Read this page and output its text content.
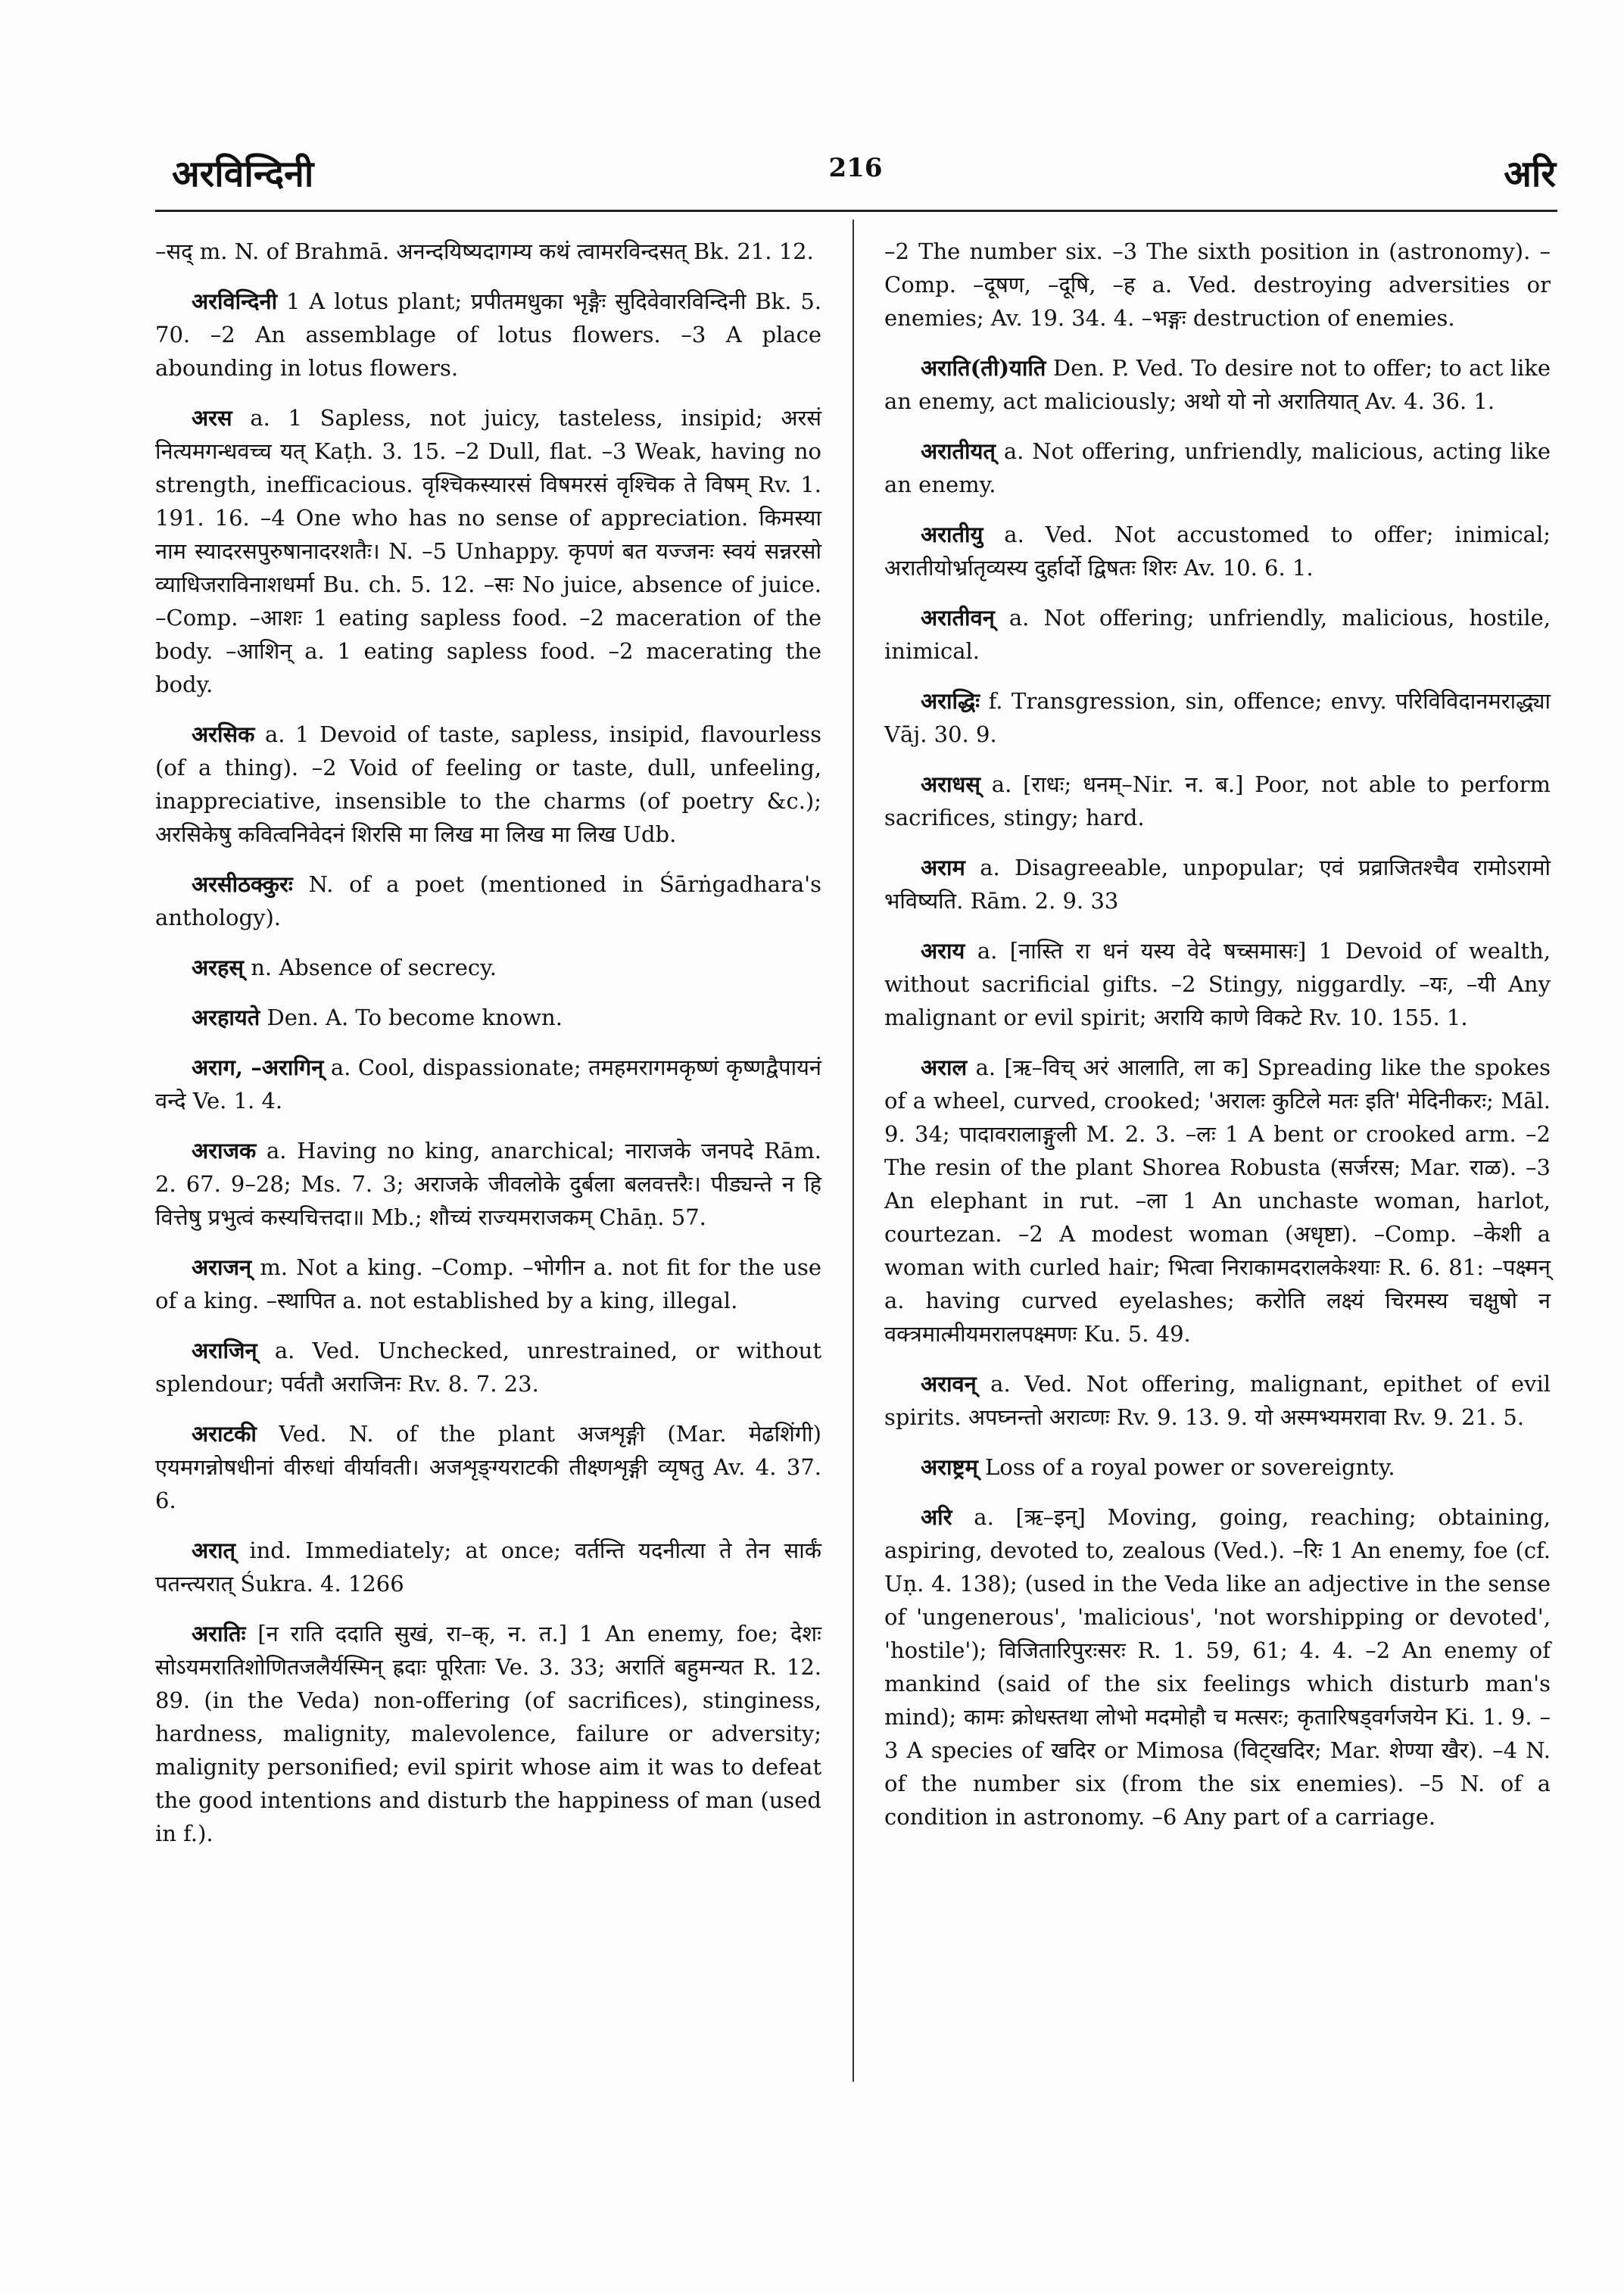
अरविन्दिनी	216	अरि

–सद् m. N. of Brahmā. अनन्दयिष्यदागम्य कथं त्वामरविन्दसत् Bk. 21. 12.

अरविन्दिनी 1 A lotus plant; प्रपीतमधुका भृङ्गैः सुदिवेवारविन्दिनी Bk. 5. 70. –2 An assemblage of lotus flowers. –3 A place abounding in lotus flowers.

अरस a. 1 Sapless, not juicy, tasteless, insipid; अरसं नित्यमगन्धवच्च यत् Kaṭh. 3. 15. –2 Dull, flat. –3 Weak, having no strength, inefficacious. वृश्चिकस्यारसं विषमरसं वृश्चिक ते विषम् Rv. 1. 191. 16. –4 One who has no sense of appreciation. किमस्या नाम स्यादरसपुरुषानादरशतैः। N. –5 Unhappy. कृपणं बत यज्जनः स्वयं सन्नरसो व्याधिजराविनाशधर्मा Bu. ch. 5. 12. –सः No juice, absence of juice. –Comp. –आशः 1 eating sapless food. –2 maceration of the body. –आशिन् a. 1 eating sapless food. –2 macerating the body.

अरसिक a. 1 Devoid of taste, sapless, insipid, flavourless (of a thing). –2 Void of feeling or taste, dull, unfeeling, inappreciative, insensible to the charms (of poetry &c.); अरसिकेषु कवित्वनिवेदनं शिरसि मा लिख मा लिख मा लिख Udb.

अरसीठक्कुरः N. of a poet (mentioned in Śārṅgadhara's anthology).

अरहस् n. Absence of secrecy.

अरहायते Den. A. To become known.

अराग, –अरागिन् a. Cool, dispassionate; तमहमरागमकृष्णं कृष्णद्वैपायनं वन्दे Ve. 1. 4.

अराजक a. Having no king, anarchical; नाराजके जनपदे Rām. 2. 67. 9–28; Ms. 7. 3; अराजके जीवलोके दुर्बला बलवत्तरैः। पीड्यन्ते न हि वित्तेषु प्रभुत्वं कस्यचित्तदा॥ Mb.; शौच्यं राज्यमराजकम् Chāṇ. 57.

अराजन् m. Not a king. –Comp. –भोगीन a. not fit for the use of a king. –स्थापित a. not established by a king, illegal.

अराजिन् a. Ved. Unchecked, unrestrained, or without splendour; पर्वतौ अराजिनः Rv. 8. 7. 23.

अराटकी Ved. N. of the plant अजशृङ्गी (Mar. मेढशिंगी) एयमगन्नोषधीनां वीरुधां वीर्यावती। अजशृङ्ग्यराटकी तीक्ष्णशृङ्गी व्यृषतु Av. 4. 37. 6.

अरात् ind. Immediately; at once; वर्तन्ति यदनीत्या ते तेन सार्कं पतन्त्यरात् Śukra. 4. 1266

अरातिः [न राति ददाति सुखं, रा–क्, न. त.] 1 An enemy, foe; देशः सोऽयमरातिशोणितजलैर्यस्मिन् ह्रदाः पूरिताः Ve. 3. 33; अरातिं बहुमन्यत R. 12. 89. (in the Veda) non-offering (of sacrifices), stinginess, hardness, malignity, malevolence, failure or adversity; malignity personified; evil spirit whose aim it was to defeat the good intentions and disturb the happiness of man (used in f.).

–2 The number six. –3 The sixth position in (astronomy). –Comp. –दूषण, –दूषि, –ह a. Ved. destroying adversities or enemies; Av. 19. 34. 4. –भङ्गः destruction of enemies.

अराति(ती)याति Den. P. Ved. To desire not to offer; to act like an enemy, act maliciously; अथो यो नो अरातियात् Av. 4. 36. 1.

अरातीयत् a. Not offering, unfriendly, malicious, acting like an enemy.

अरातीयु a. Ved. Not accustomed to offer; inimical; अरातीयोर्भ्रातृव्यस्य दुर्हार्दो द्विषतः शिरः Av. 10. 6. 1.

अरातीवन् a. Not offering; unfriendly, malicious, hostile, inimical.

अराद्धिः f. Transgression, sin, offence; envy. परिविविदानमराद्ध्या Vāj. 30. 9.

अराधस् a. [राधः; धनम्–Nir. न. ब.] Poor, not able to perform sacrifices, stingy; hard.

अराम a. Disagreeable, unpopular; एवं प्रव्राजितश्चैव रामोऽरामो भविष्यति. Rām. 2. 9. 33

अराय a. [नास्ति रा धनं यस्य वेदे षच्समासः] 1 Devoid of wealth, without sacrificial gifts. –2 Stingy, niggardly. –यः, –यी Any malignant or evil spirit; अरायि काणे विकटे Rv. 10. 155. 1.

अराल a. [ऋ–विच् अरं आलाति, ला क] Spreading like the spokes of a wheel, curved, crooked; 'अरालः कुटिले मतः इति' मेदिनीकरः; Māl. 9. 34; पादावरालाङ्गुली M. 2. 3. –लः 1 A bent or crooked arm. –2 The resin of the plant Shorea Robusta (सर्जरस; Mar. राळ). –3 An elephant in rut. –ला 1 An unchaste woman, harlot, courtezan. –2 A modest woman (अधृष्टा). –Comp. –केशी a woman with curled hair; भित्वा निराकामदरालकेश्याः R. 6. 81: –पक्ष्मन् a. having curved eyelashes; करोति लक्ष्यं चिरमस्य चक्षुषो न वक्त्रमात्मीयमरालपक्ष्मणः Ku. 5. 49.

अरावन् a. Ved. Not offering, malignant, epithet of evil spirits. अपघ्नन्तो अराव्णः Rv. 9. 13. 9. यो अस्मभ्यमरावा Rv. 9. 21. 5.

अराष्ट्रम् Loss of a royal power or sovereignty.

अरि a. [ऋ–इन्] Moving, going, reaching; obtaining, aspiring, devoted to, zealous (Ved.). –रिः 1 An enemy, foe (cf. Uṇ. 4. 138); (used in the Veda like an adjective in the sense of 'ungenerous', 'malicious', 'not worshipping or devoted', 'hostile'); विजितारिपुरःसरः R. 1. 59, 61; 4. 4. –2 An enemy of mankind (said of the six feelings which disturb man's mind); कामः क्रोधस्तथा लोभो मदमोहौ च मत्सरः; कृतारिषड्वर्गजयेन Ki. 1. 9. –3 A species of खदिर or Mimosa (विट्खदिर; Mar. शेण्या खैर). –4 N. of the number six (from the six enemies). –5 N. of a condition in astronomy. –6 Any part of a carriage.
